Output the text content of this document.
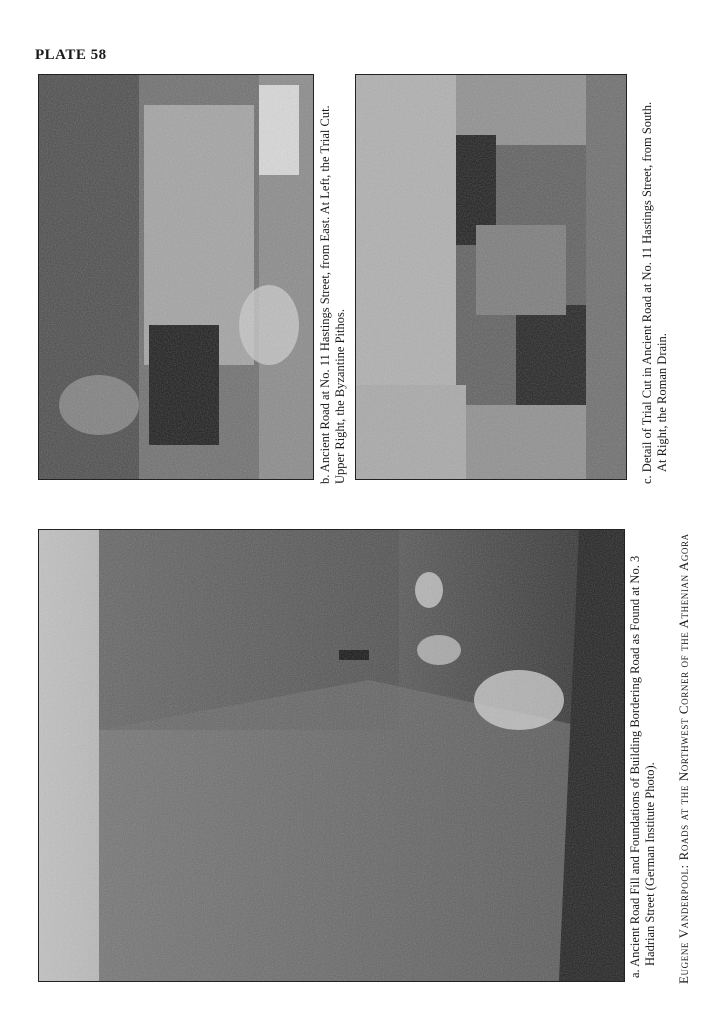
PLATE 58
a. Ancient Road Fill and Foundations of Building Bordering Road as Found at No. 3 Hadrian Street (German Institute Photo).
b. Ancient Road at No. 11 Hastings Street, from East. At Left, the Trial Cut. Upper Right, the Byzantine Pithos.	c. Detail of Trial Cut in Ancient Road at No. 11 Hastings Street, from South. At Right, the Roman Drain.
Eugene Vanderpool: Roads at the Northwest Corner of the Athenian Agora
